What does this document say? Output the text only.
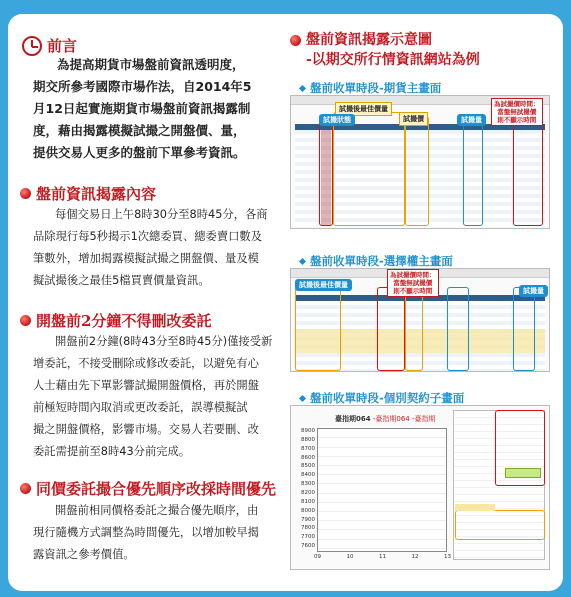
前言
為提高期貨市場盤前資訊透明度，
期交所參考國際市場作法，自2014年5
月12日起實施期貨市場盤前資訊揭露制
度，藉由揭露模擬試撮之開盤價、量，
提供交易人更多的盤前下單參考資訊。
盤前資訊揭露內容
每個交易日上午8時30分至8時45分，各商
品除現行每5秒揭示1次總委買、總委賣口數及
筆數外，增加揭露模擬試撮之開盤價、量及模
擬試撮後之最佳5檔買賣價量資訊。
開盤前2分鐘不得刪改委託
開盤前2分鐘(8時43分至8時45分)僅接受新
增委託，不接受刪除或修改委託，以避免有心
人士藉由先下單影響試撮開盤價格，再於開盤
前極短時間內取消或更改委託，誤導模擬試
撮之開盤價格，影響市場。交易人若要刪、改
委託需提前至8時43分前完成。
同價委託撮合優先順序改採時間優先
開盤前相同價格委託之撮合優先順序，由
現行隨機方式調整為時間優先，以增加較早揭
露資訊之參考價值。
盤前資訊揭露示意圖
-以期交所行情資訊網站為例
盤前收單時段-期貨主畫面
試撮後最佳價量
試撮狀態	試撮價	試撮量
為試撮價時間：
當盤無試撮價
則不顯示時間
盤前收單時段-選擇權主畫面
試撮後最佳價量
為試撮價時間：
當盤無試撮價
則不顯示時間	試撮量
盤前收單時段-個別契約子畫面
臺指期064 -臺指期064 -臺指期
8900
8800
8700
8600
8500
8400
8300
8200
8100
8000
7900
7800
7700
7600
09	10	11	12	13
